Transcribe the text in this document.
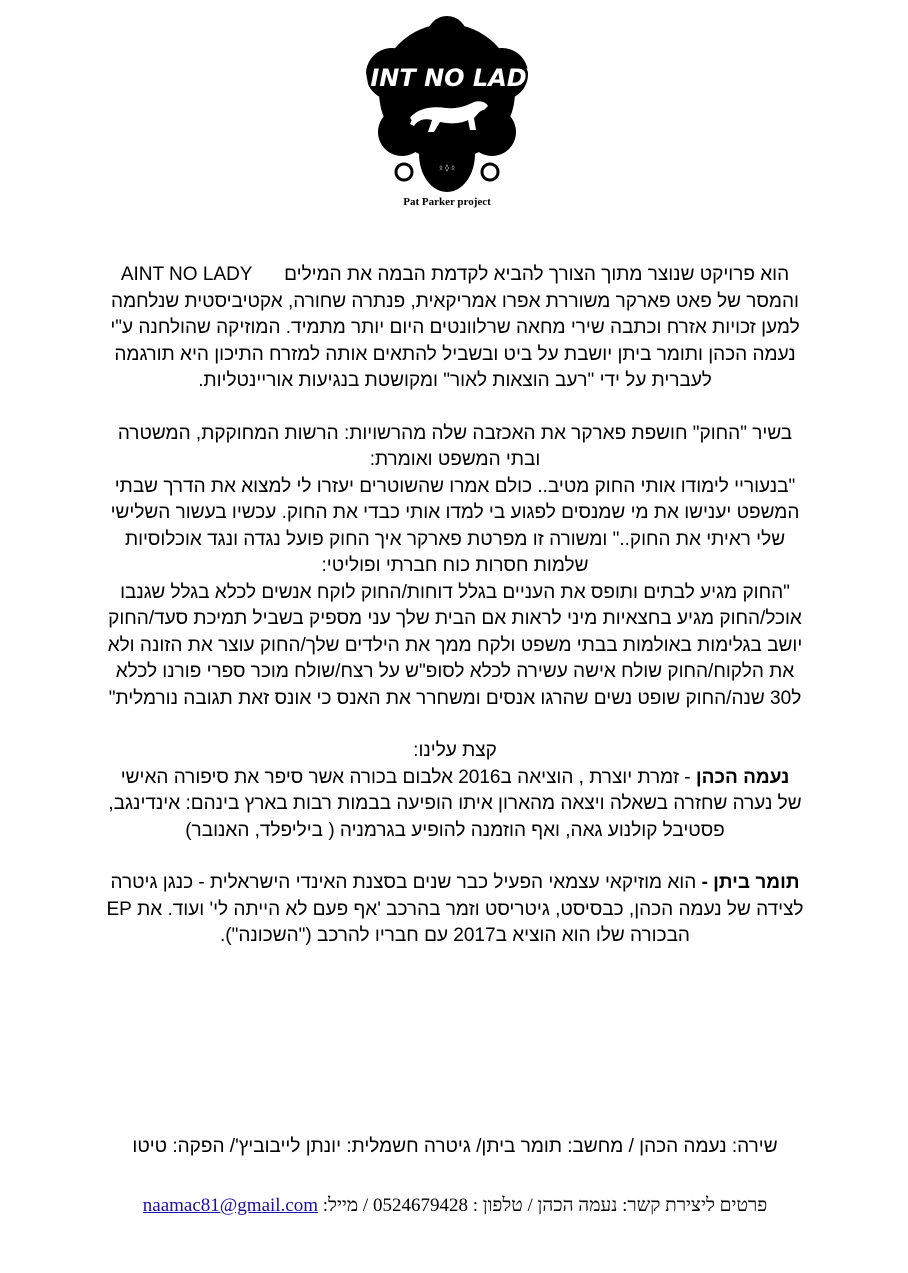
AINT NO LADY
ᛟ ◊ ᛟ
Pat Parker project

הוא פרויקט שנוצר מתוך הצורך להביא לקדמת הבמה את המילים      AINT NO LADY

והמסר של פאט פארקר משוררת אפרו אמריקאית, פנתרה שחורה, אקטיביסטית שנלחמה

למען זכויות אזרח וכתבה שירי מחאה שרלוונטים היום יותר מתמיד. המוזיקה שהולחנה ע"י

נעמה הכהן ותומר ביתן יושבת על ביט ובשביל להתאים אותה למזרח התיכון היא תורגמה

לעברית על ידי "רעב הוצאות לאור" ומקושטת בנגיעות אוריינטליות.

בשיר "החוק" חושפת פארקר את האכזבה שלה מהרשויות: הרשות המחוקקת, המשטרה

ובתי המשפט ואומרת:

"בנעוריי לימודו אותי החוק מטיב.. כולם אמרו שהשוטרים יעזרו לי למצוא את הדרך שבתי

המשפט יענישו את מי שמנסים לפגוע בי למדו אותי כבדי את החוק. עכשיו בעשור השלישי

שלי ראיתי את החוק.." ומשורה זו מפרטת פארקר איך החוק פועל נגדה ונגד אוכלוסיות

שלמות חסרות כוח חברתי ופוליטי:

"החוק מגיע לבתים ותופס את העניים בגלל דוחות/החוק לוקח אנשים לכלא בגלל שגנבו

אוכל/החוק מגיע בחצאיות מיני לראות אם הבית שלך עני מספיק בשביל תמיכת סעד/החוק

יושב בגלימות באולמות בבתי משפט ולקח ממך את הילדים שלך/החוק עוצר את הזונה ולא

את הלקוח/החוק שולח אישה עשירה לכלא לסופ"ש על רצח/שולח מוכר ספרי פורנו לכלא

ל30 שנה/החוק שופט נשים שהרגו אנסים ומשחרר את האנס כי אונס זאת תגובה נורמלית"

קצת עלינו:

נעמה הכהן - זמרת יוצרת , הוציאה ב2016 אלבום בכורה אשר סיפר את סיפורה האישי

של נערה שחזרה בשאלה ויצאה מהארון איתו הופיעה בבמות רבות בארץ בינהם: אינדינגב,

פסטיבל קולנוע גאה, ואף הוזמנה להופיע בגרמניה ( ביליפלד, האנובר)

תומר ביתן - הוא מוזיקאי עצמאי הפעיל כבר שנים בסצנת האינדי הישראלית - כנגן גיטרה

לצידה של נעמה הכהן, כבסיסט, גיטריסט וזמר בהרכב 'אף פעם לא הייתה לי' ועוד. את EP

הבכורה שלו הוא הוציא ב2017 עם חבריו להרכב ("השכונה").

שירה: נעמה הכהן / מחשב: תומר ביתן/ גיטרה חשמלית: יונתן לייבוביץ'/ הפקה: טיטו
פרטים ליצירת קשר: נעמה הכהן / טלפון : 0524679428 / מייל: naamac81@gmail.com
